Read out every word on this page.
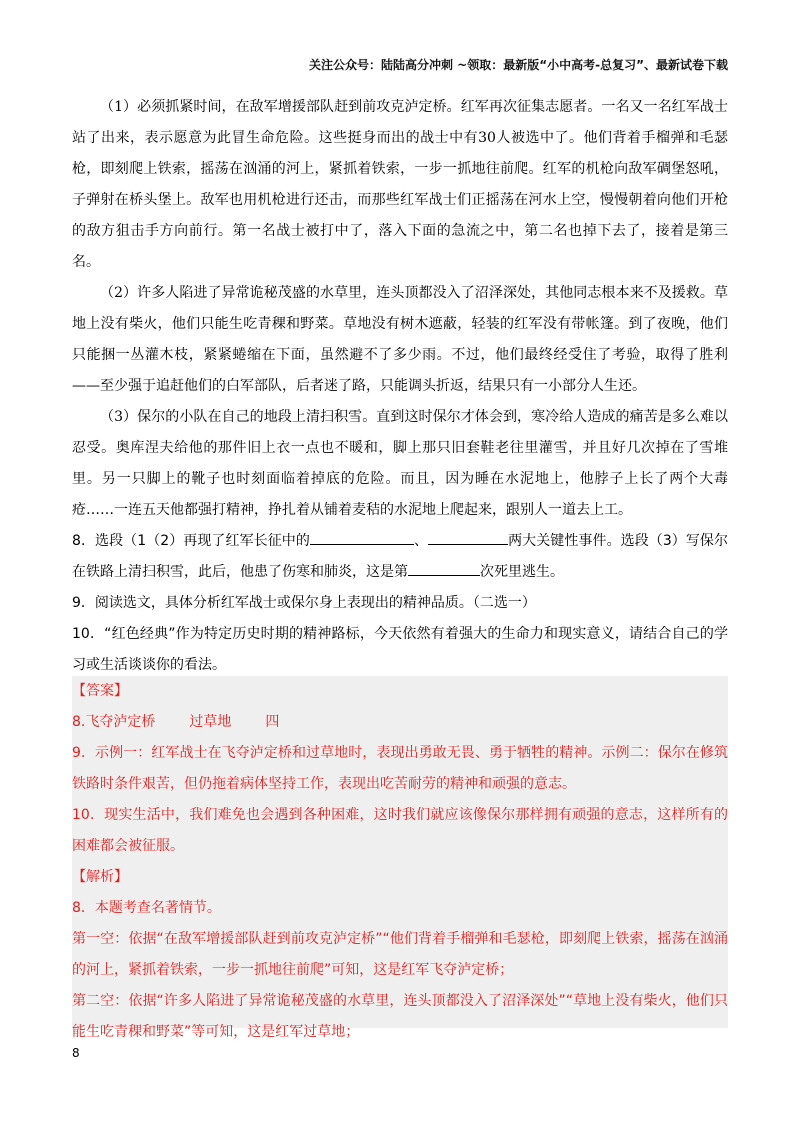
关注公众号：陆陆高分冲刺 ~领取：最新版“小中高考-总复习”、最新试卷下载

（1）必须抓紧时间，在敌军增援部队赶到前攻克泸定桥。红军再次征集志愿者。一名又一名红军战士站了出来，表示愿意为此冒生命危险。这些挺身而出的战士中有30人被选中了。他们背着手榴弹和毛瑟枪，即刻爬上铁索，摇荡在汹涌的河上，紧抓着铁索，一步一抓地往前爬。红军的机枪向敌军碉堡怒吼，子弹射在桥头堡上。敌军也用机枪进行还击，而那些红军战士们正摇荡在河水上空，慢慢朝着向他们开枪的敌方狙击手方向前行。第一名战士被打中了，落入下面的急流之中，第二名也掉下去了，接着是第三名。

（2）许多人陷进了异常诡秘茂盛的水草里，连头顶都没入了沼泽深处，其他同志根本来不及援救。草地上没有柴火，他们只能生吃青稞和野菜。草地没有树木遮蔽，轻装的红军没有带帐篷。到了夜晚，他们只能捆一丛灌木枝，紧紧蜷缩在下面，虽然避不了多少雨。不过，他们最终经受住了考验，取得了胜利——至少强于追赶他们的白军部队，后者迷了路，只能调头折返，结果只有一小部分人生还。

（3）保尔的小队在自己的地段上清扫积雪。直到这时保尔才体会到，寒冷给人造成的痛苦是多么难以忍受。奥库涅夫给他的那件旧上衣一点也不暖和，脚上那只旧套鞋老往里灌雪，并且好几次掉在了雪堆里。另一只脚上的靴子也时刻面临着掉底的危险。而且，因为睡在水泥地上，他脖子上长了两个大毒疮……一连五天他都强打精神，挣扎着从铺着麦秸的水泥地上爬起来，跟别人一道去上工。

8．选段（1（2）再现了红军长征中的	、	两大关键性事件。选段（3）写保尔在铁路上清扫积雪，此后，他患了伤寒和肺炎，这是第	次死里逃生。

9．阅读选文，具体分析红军战士或保尔身上表现出的精神品质。（二选一）

10．“红色经典”作为特定历史时期的精神路标，今天依然有着强大的生命力和现实意义，请结合自己的学习或生活谈谈你的看法。

【答案】

8.飞夺泸定桥 过草地 四

9．示例一：红军战士在飞夺泸定桥和过草地时，表现出勇敢无畏、勇于牺牲的精神。示例二：保尔在修筑铁路时条件艰苦，但仍拖着病体坚持工作，表现出吃苦耐劳的精神和顽强的意志。

10．现实生活中，我们难免也会遇到各种困难，这时我们就应该像保尔那样拥有顽强的意志，这样所有的困难都会被征服。

【解析】

8．本题考查名著情节。

第一空：依据“在敌军增援部队赶到前攻克泸定桥”“他们背着手榴弹和毛瑟枪，即刻爬上铁索，摇荡在汹涌的河上，紧抓着铁索，一步一抓地往前爬”可知，这是红军飞夺泸定桥；

第二空：依据“许多人陷进了异常诡秘茂盛的水草里，连头顶都没入了沼泽深处”“草地上没有柴火，他们只能生吃青稞和野菜”等可知，这是红军过草地；

8
